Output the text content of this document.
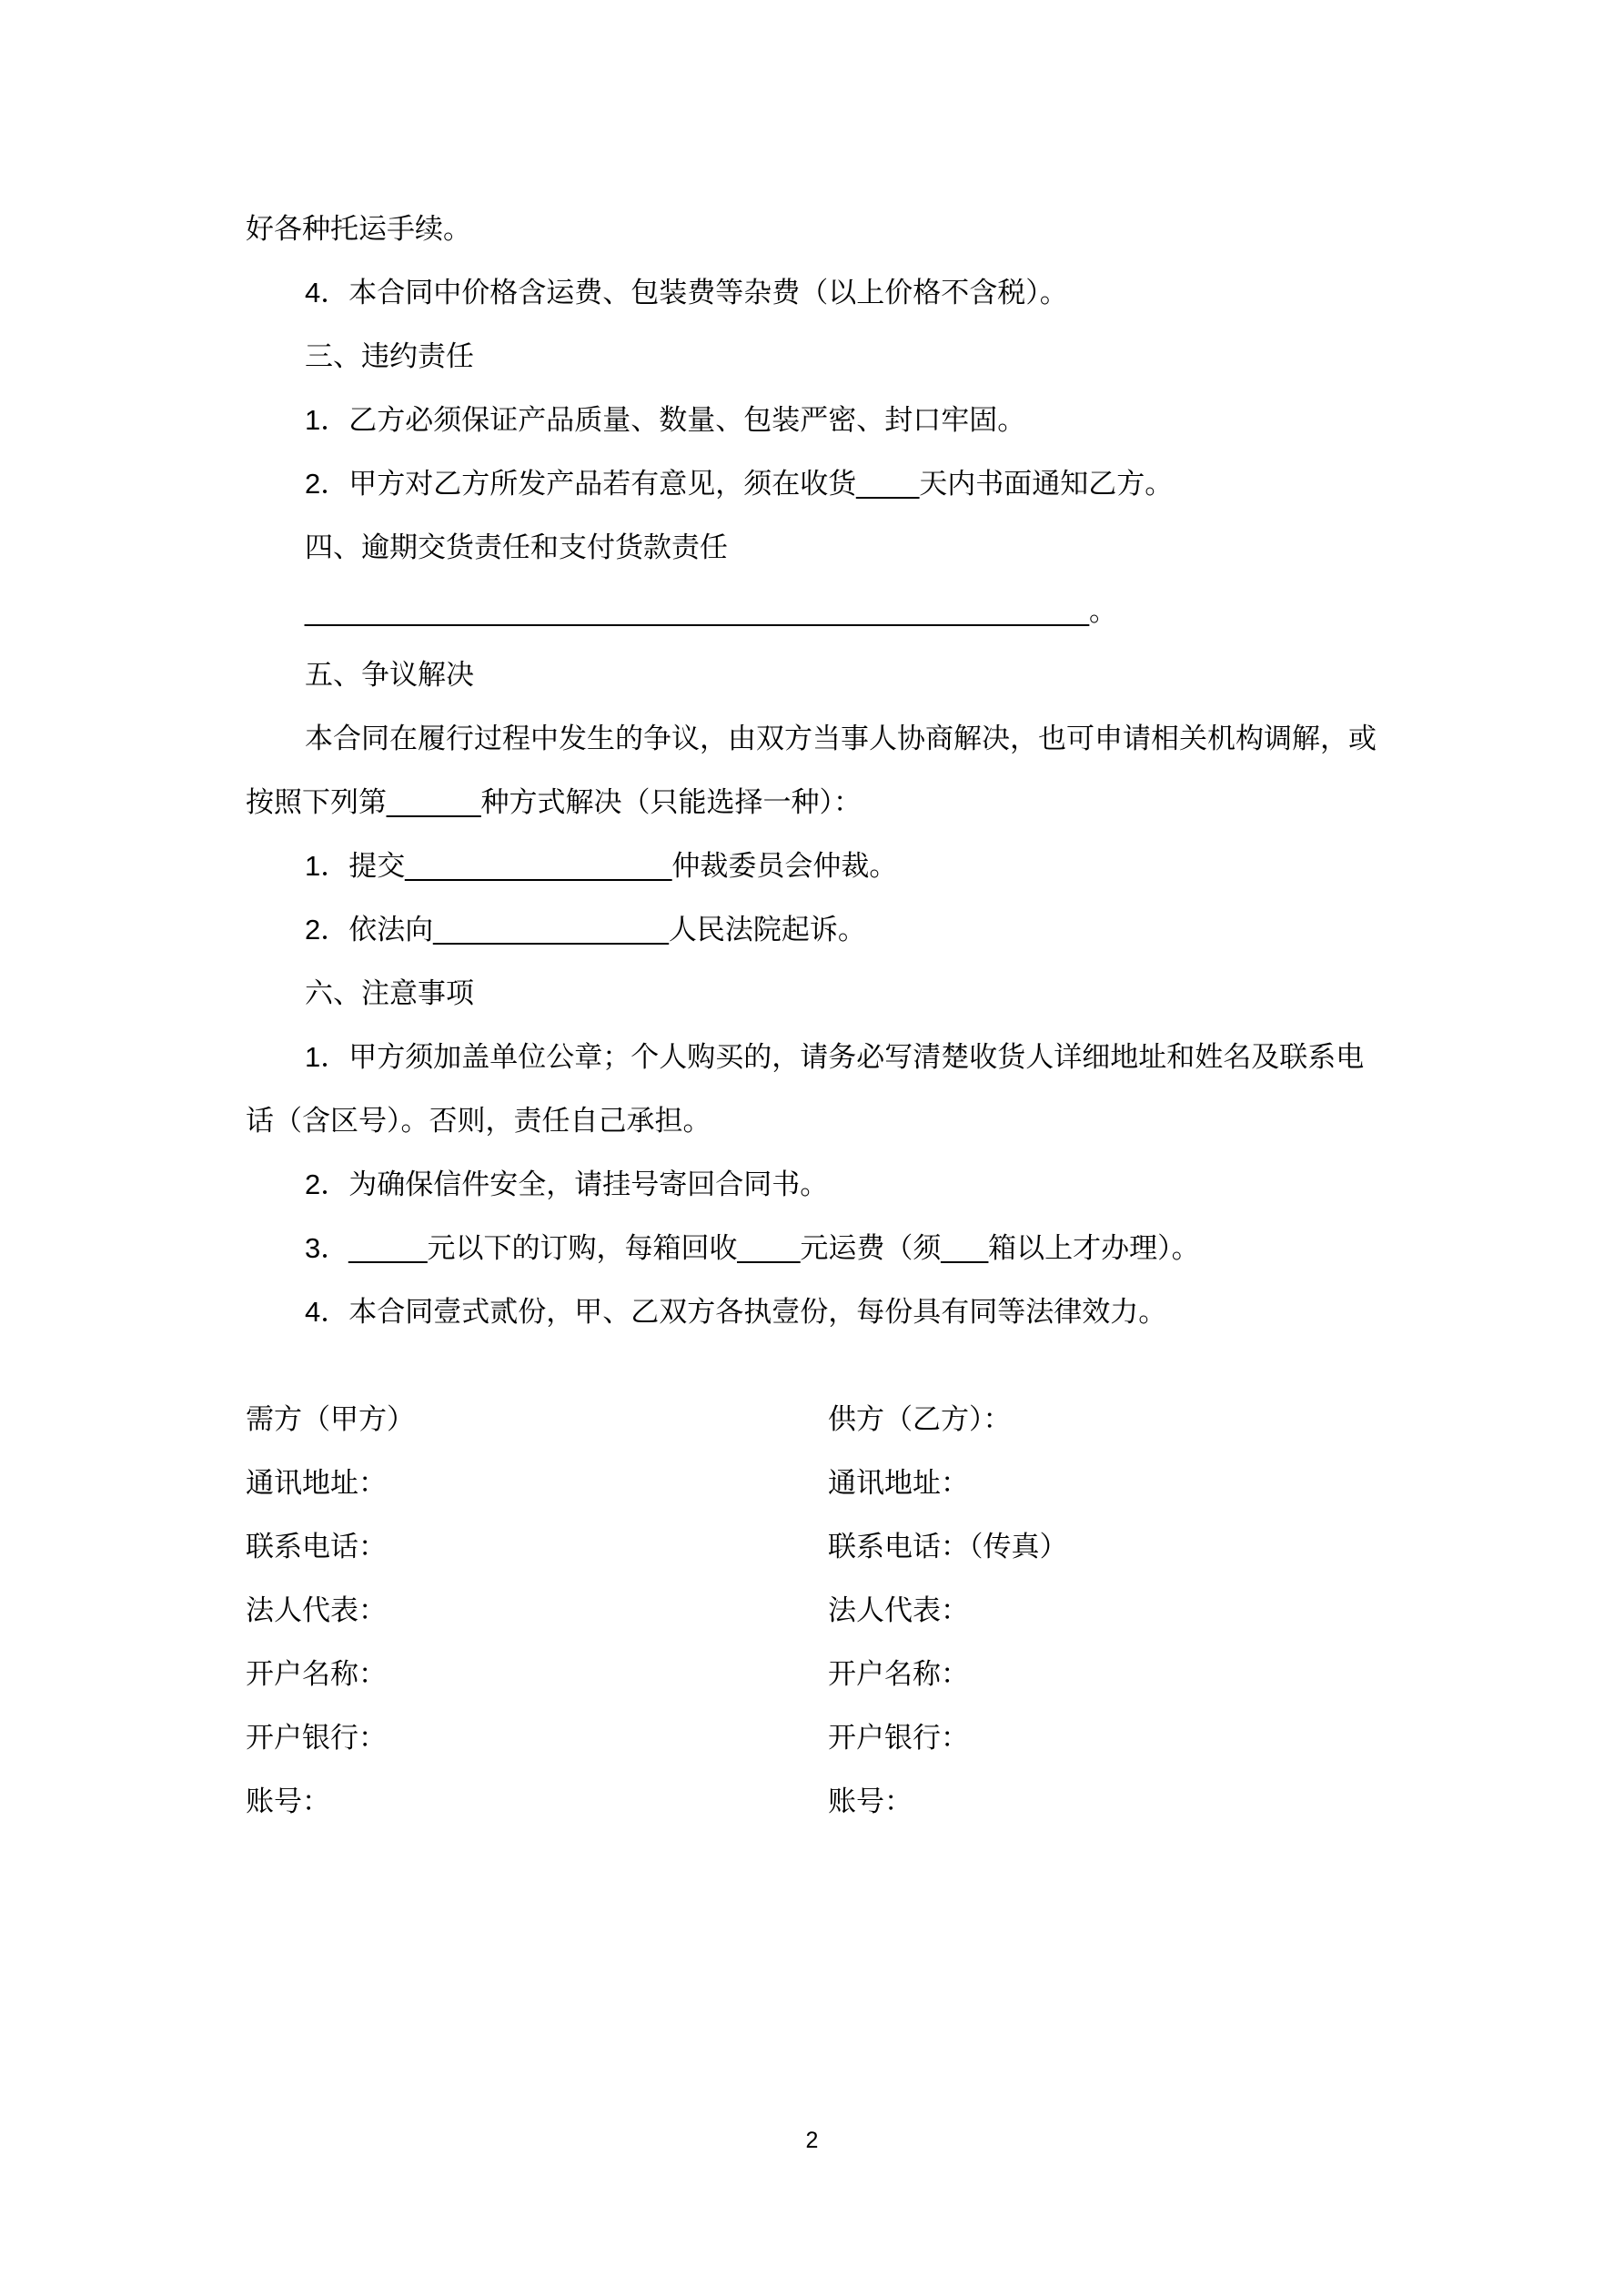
好各种托运手续。
4．本合同中价格含运费、包装费等杂费（以上价格不含税）。
三、违约责任
1．乙方必须保证产品质量、数量、包装严密、封口牢固。
2．甲方对乙方所发产品若有意见，须在收货____天内书面通知乙方。
四、逾期交货责任和支付货款责任
__________________________________________________。
五、争议解决
本合同在履行过程中发生的争议，由双方当事人协商解决，也可申请相关机构调解，或
按照下列第______种方式解决（只能选择一种）：
1．提交_________________仲裁委员会仲裁。
2．依法向_______________人民法院起诉。
六、注意事项
1．甲方须加盖单位公章；个人购买的，请务必写清楚收货人详细地址和姓名及联系电
话（含区号）。否则，责任自己承担。
2．为确保信件安全，请挂号寄回合同书。
3．_____元以下的订购，每箱回收____元运费（须___箱以上才办理）。
4．本合同壹式贰份，甲、乙双方各执壹份，每份具有同等法律效力。
需方（甲方）	供方（乙方）：
通讯地址：	通讯地址：
联系电话：	联系电话：（传真）
法人代表：	法人代表：
开户名称：	开户名称：
开户银行：	开户银行：
账号：	账号：
2
